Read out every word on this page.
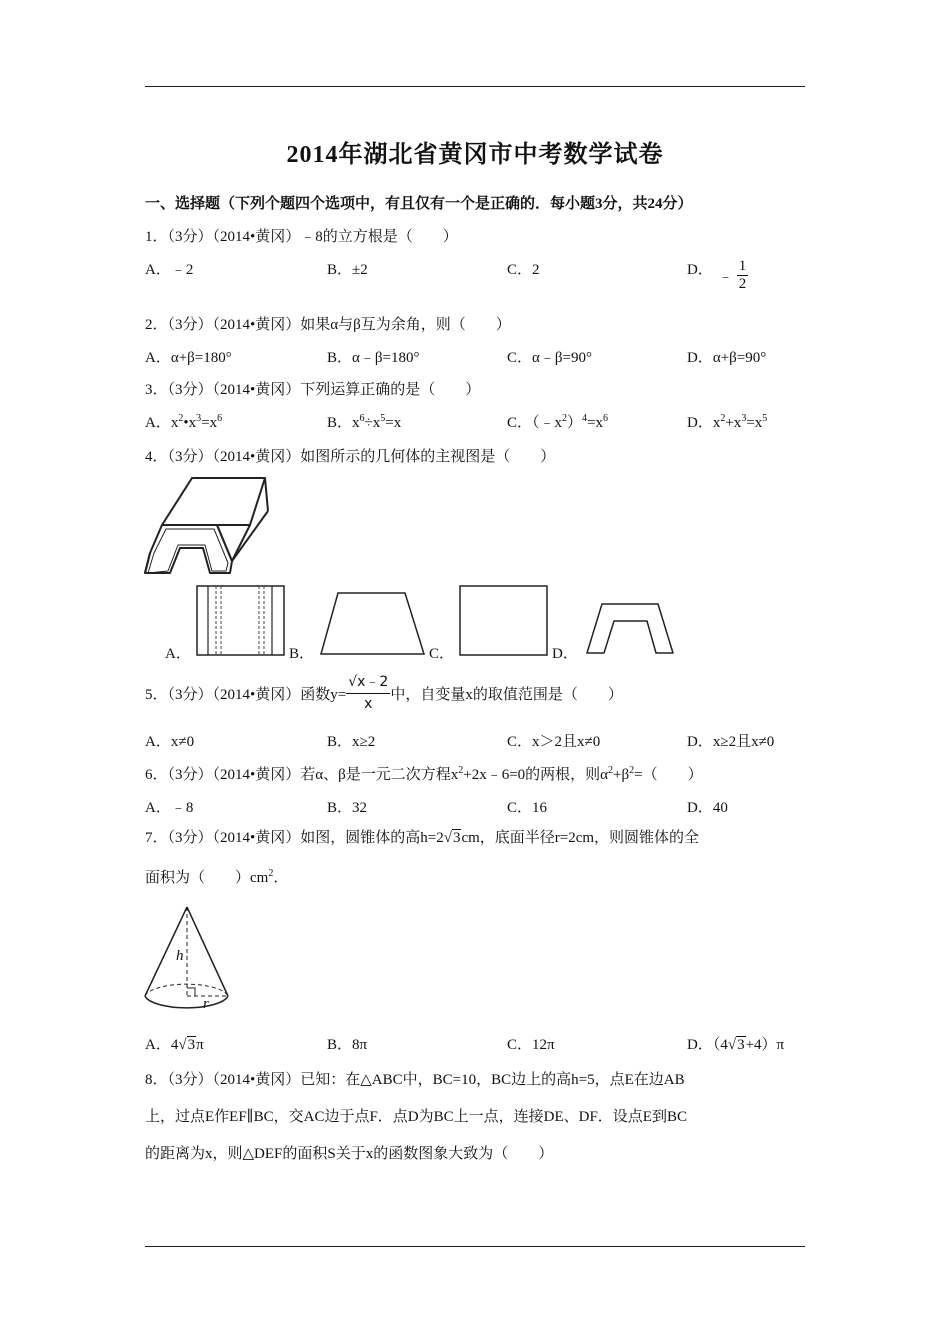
2014年湖北省黄冈市中考数学试卷
一、选择题（下列个题四个选项中，有且仅有一个是正确的．每小题3分，共24分）
1．（3分）（2014•黄冈）﹣8的立方根是（　　）
A．﹣2	B．±2	C．2	D． ﹣ $\frac{1}{2}$
2．（3分）（2014•黄冈）如果α与β互为余角，则（　　）
A．α+β=180°	B．α﹣β=180°	C．α﹣β=90°	D．α+β=90°
3．（3分）（2014•黄冈）下列运算正确的是（　　）
A．$x^2•x^3=x^6$	B．$x^6\div x^5=x$	C．$(﹣x^2)^4=x^6$	D．$x^2+x^3=x^5$
4．（3分）（2014•黄冈）如图所示的几何体的主视图是（　　）
A．	B．	C．	D．
5．（3分）（2014•黄冈）函数$y= \frac{√x﹣2}{x}$ 中，自变量x的取值范围是（　　）
A．x≠0	B．x≥2	C．x＞2且x≠0	D．x≥2且x≠0
6．（3分）（2014•黄冈）若α、β是一元二次方程$x^2+2x﹣6=0$的两根，则$\alpha^2+\beta^2=$（　　）
A．﹣8	B．32	C．16	D．40
7．（3分）（2014•黄冈）如图，圆锥体的高h=2√3cm，底面半径r=2cm，则圆锥体的全
面积为（　　）$cm^2$．
h
r
A．4√3π	B．8π	C．12π	D．（4√3+4）π
8．（3分）（2014•黄冈）已知：在△ABC中，BC=10，BC边上的高h=5，点E在边AB
上，过点E作EF∥BC，交AC边于点F．点D为BC上一点，连接DE、DF．设点E到BC
的距离为x，则△DEF的面积S关于x的函数图象大致为（　　）
